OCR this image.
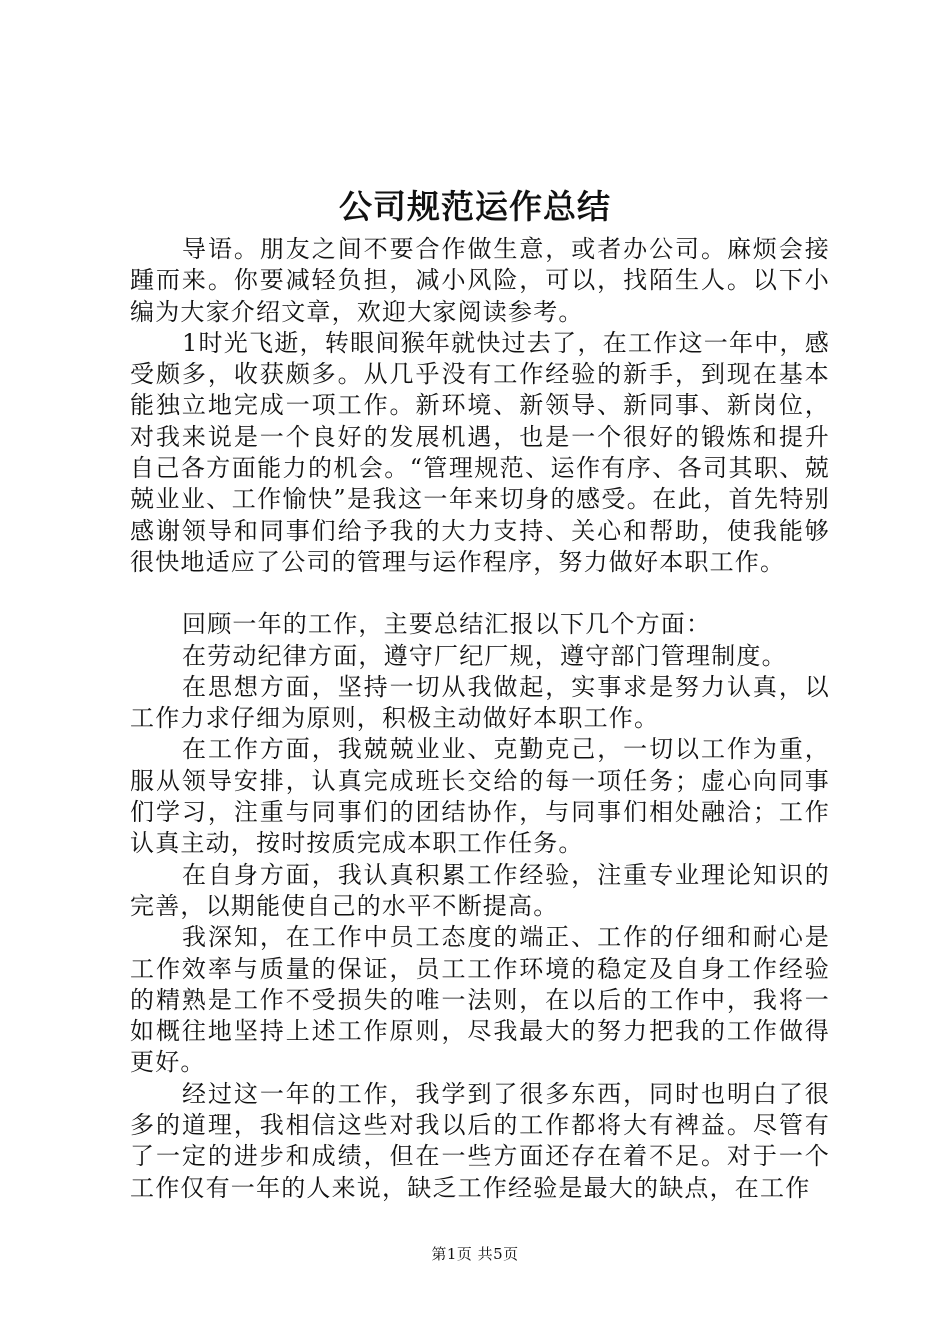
公司规范运作总结

导语。朋友之间不要合作做生意，或者办公司。麻烦会接踵而来。你要减轻负担，减小风险，可以，找陌生人。以下小编为大家介绍文章，欢迎大家阅读参考。

1时光飞逝，转眼间猴年就快过去了，在工作这一年中，感受颇多，收获颇多。从几乎没有工作经验的新手，到现在基本能独立地完成一项工作。新环境、新领导、新同事、新岗位，对我来说是一个良好的发展机遇，也是一个很好的锻炼和提升自己各方面能力的机会。“管理规范、运作有序、各司其职、兢兢业业、工作愉快”是我这一年来切身的感受。在此，首先特别感谢领导和同事们给予我的大力支持、关心和帮助，使我能够很快地适应了公司的管理与运作程序，努力做好本职工作。

回顾一年的工作，主要总结汇报以下几个方面：

在劳动纪律方面，遵守厂纪厂规，遵守部门管理制度。

在思想方面，坚持一切从我做起，实事求是努力认真，以工作力求仔细为原则，积极主动做好本职工作。

在工作方面，我兢兢业业、克勤克己，一切以工作为重，服从领导安排，认真完成班长交给的每一项任务；虚心向同事们学习，注重与同事们的团结协作，与同事们相处融洽；工作认真主动，按时按质完成本职工作任务。

在自身方面，我认真积累工作经验，注重专业理论知识的完善，以期能使自己的水平不断提高。

我深知，在工作中员工态度的端正、工作的仔细和耐心是工作效率与质量的保证，员工工作环境的稳定及自身工作经验的精熟是工作不受损失的唯一法则，在以后的工作中，我将一如概往地坚持上述工作原则，尽我最大的努力把我的工作做得更好。

经过这一年的工作，我学到了很多东西，同时也明白了很多的道理，我相信这些对我以后的工作都将大有裨益。尽管有了一定的进步和成绩，但在一些方面还存在着不足。对于一个工作仅有一年的人来说，缺乏工作经验是最大的缺点，在工作

第1页 共5页
